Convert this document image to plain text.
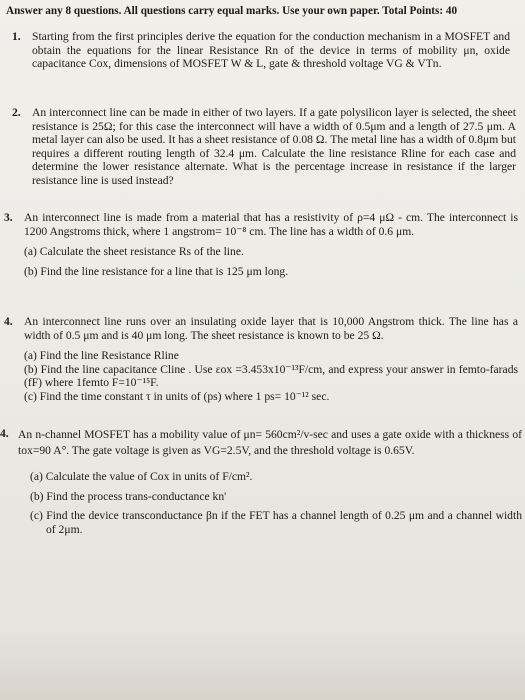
Answer any 8 questions. All questions carry equal marks. Use your own paper. Total Points: 40
1. Starting from the first principles derive the equation for the conduction mechanism in a MOSFET and obtain the equations for the linear Resistance Rn of the device in terms of mobility μn, oxide capacitance Cox, dimensions of MOSFET W & L, gate & threshold voltage VG & VTn.

2. An interconnect line can be made in either of two layers. If a gate polysilicon layer is selected, the sheet resistance is 25Ω; for this case the interconnect will have a width of 0.5μm and a length of 27.5 μm. A metal layer can also be used. It has a sheet resistance of 0.08 Ω. The metal line has a width of 0.8μm but requires a different routing length of 32.4 μm. Calculate the line resistance Rline for each case and determine the lower resistance alternate. What is the percentage increase in resistance if the larger resistance line is used instead?

3. An interconnect line is made from a material that has a resistivity of ρ=4 μΩ - cm. The interconnect is 1200 Angstroms thick, where 1 angstrom= 10⁻⁸ cm. The line has a width of 0.6 μm.

(a) Calculate the sheet resistance Rs of the line.

(b) Find the line resistance for a line that is 125 μm long.

4. An interconnect line runs over an insulating oxide layer that is 10,000 Angstrom thick. The line has a width of 0.5 μm and is 40 μm long. The sheet resistance is known to be 25 Ω.

(a) Find the line Resistance Rline

(b) Find the line capacitance Cline . Use εox =3.453x10⁻¹³F/cm, and express your answer in femto-farads (fF) where 1femto F=10⁻¹⁵F.

(c) Find the time constant τ in units of (ps) where 1 ps= 10⁻¹² sec.

4. An n-channel MOSFET has a mobility value of μn= 560cm²/v-sec and uses a gate oxide with a thickness of tox=90 A°. The gate voltage is given as VG=2.5V, and the threshold voltage is 0.65V.

(a) Calculate the value of Cox in units of F/cm².

(b) Find the process trans-conductance kn'

(c) Find the device transconductance βn if the FET has a channel length of 0.25 μm and a channel width of 2μm.
